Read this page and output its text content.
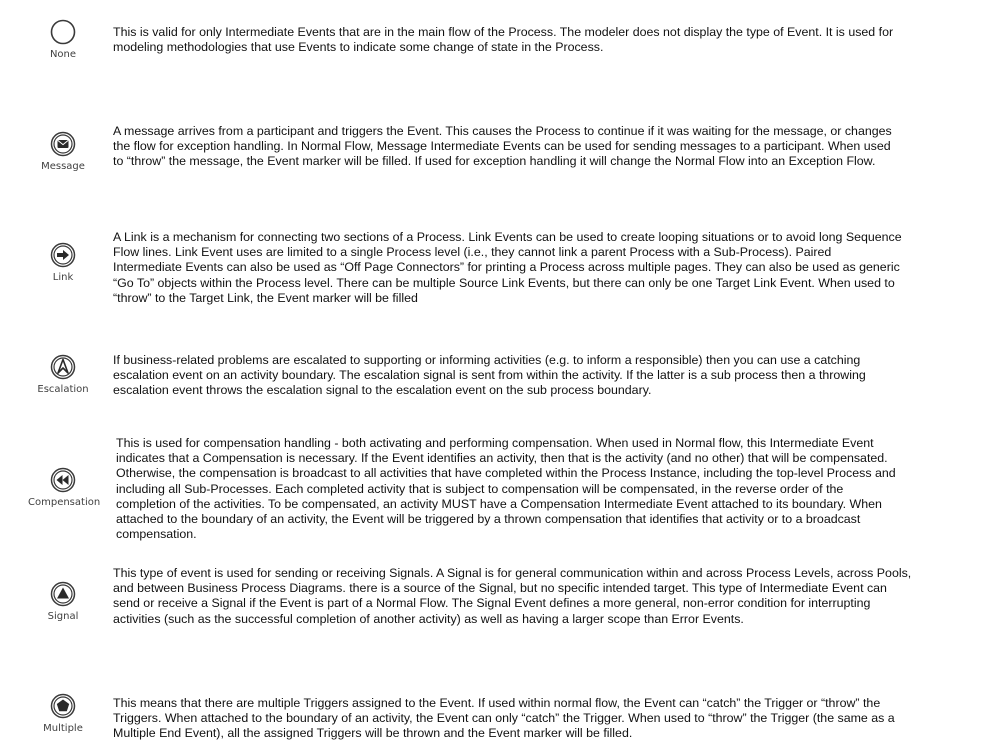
None

This is valid for only Intermediate Events that are in the main flow of the Process. The modeler does not display the type of Event. It is used for modeling methodologies that use Events to indicate some change of state in the Process.

Message

A message arrives from a participant and triggers the Event. This causes the Process to continue if it was waiting for the message, or changes the flow for exception handling. In Normal Flow, Message Intermediate Events can be used for sending messages to a participant. When used to “throw” the message, the Event marker will be filled. If used for exception handling it will change the Normal Flow into an Exception Flow.

Link

A Link is a mechanism for connecting two sections of a Process. Link Events can be used to create looping situations or to avoid long Sequence Flow lines. Link Event uses are limited to a single Process level (i.e., they cannot link a parent Process with a Sub-Process). Paired Intermediate Events can also be used as “Off Page Connectors” for printing a Process across multiple pages. They can also be used as generic “Go To” objects within the Process level. There can be multiple Source Link Events, but there can only be one Target Link Event. When used to “throw” to the Target Link, the Event marker will be filled

Escalation

If business-related problems are escalated to supporting or informing activities (e.g. to inform a responsible) then you can use a catching escalation event on an activity boundary. The escalation signal is sent from within the activity. If the latter is a sub process then a throwing escalation event throws the escalation signal to the escalation event on the sub process boundary.

Compensation

This is used for compensation handling - both activating and performing compensation. When used in Normal flow, this Intermediate Event indicates that a Compensation is necessary. If the Event identifies an activity, then that is the activity (and no other) that will be compensated. Otherwise, the compensation is broadcast to all activities that have completed within the Process Instance, including the top-level Process and including all Sub-Processes. Each completed activity that is subject to compensation will be compensated, in the reverse order of the completion of the activities. To be compensated, an activity MUST have a Compensation Intermediate Event attached to its boundary. When attached to the boundary of an activity, the Event will be triggered by a thrown compensation that identifies that activity or to a broadcast compensation.

Signal

This type of event is used for sending or receiving Signals. A Signal is for general communication within and across Process Levels, across Pools, and between Business Process Diagrams. there is a source of the Signal, but no specific intended target. This type of Intermediate Event can send or receive a Signal if the Event is part of a Normal Flow. The Signal Event defines a more general, non-error condition for interrupting activities (such as the successful completion of another activity) as well as having a larger scope than Error Events.

Multiple

This means that there are multiple Triggers assigned to the Event. If used within normal flow, the Event can “catch” the Trigger or “throw” the Triggers. When attached to the boundary of an activity, the Event can only “catch” the Trigger. When used to “throw” the Trigger (the same as a Multiple End Event), all the assigned Triggers will be thrown and the Event marker will be filled.
